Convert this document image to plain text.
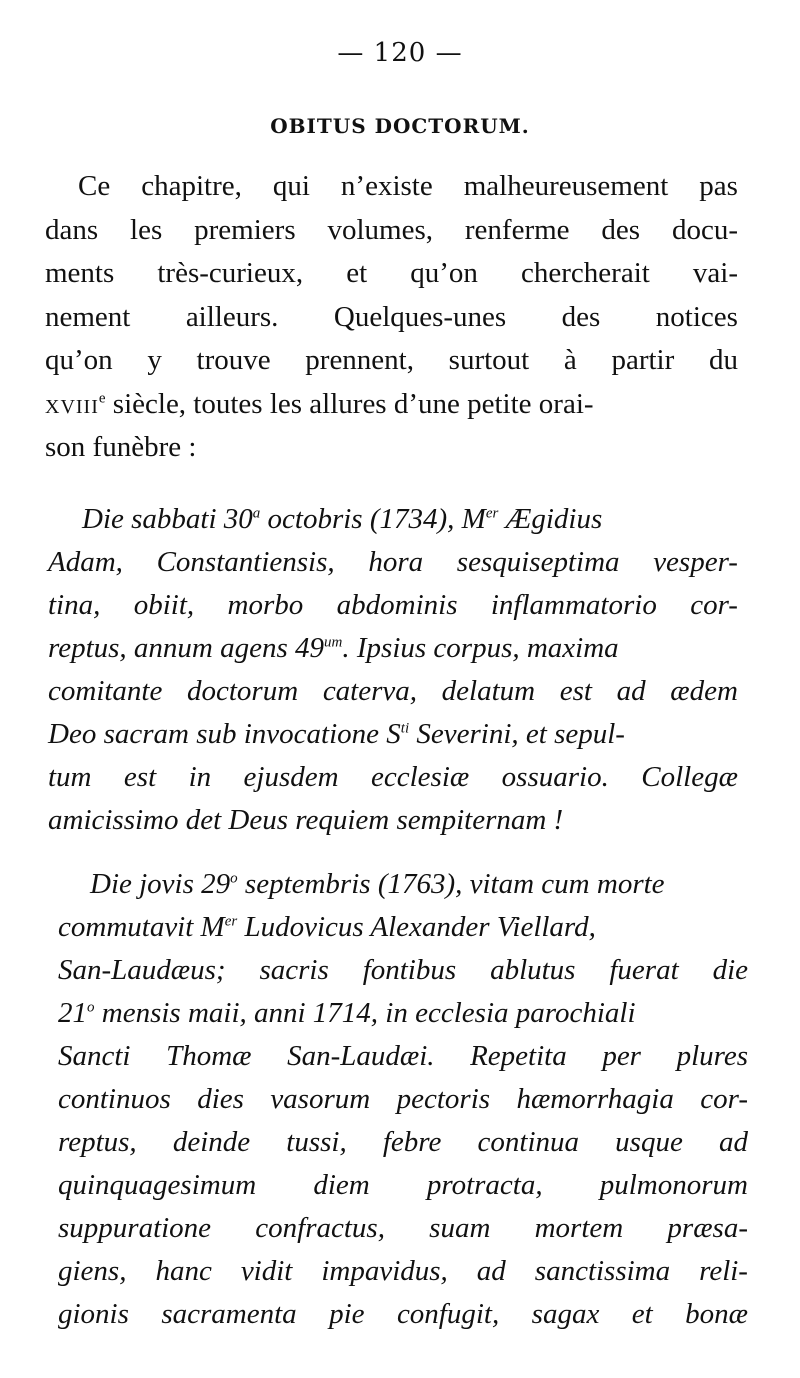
— 120 —
OBITUS DOCTORUM.
Ce chapitre, qui n’existe malheureusement pas
dans les premiers volumes, renferme des docu-
ments très-curieux, et qu’on chercherait vai-
nement ailleurs. Quelques-unes des notices
qu’on y trouve prennent, surtout à partir du
XVIIIe siècle, toutes les allures d’une petite orai-
son funèbre :
Die sabbati 30$^a$ octobris (1734), Mer Ægidius
Adam, Constantiensis, hora sesquiseptima vesper-
tina, obiit, morbo abdominis inflammatorio cor-
reptus, annum agens $49^{um}$. Ipsius corpus, maxima
comitante doctorum caterva, delatum est ad ædem
Deo sacram sub invocatione $S^{ti}$ Severini, et sepul-
tum est in ejusdem ecclesiæ ossuario. Collegæ
amicissimo det Deus requiem sempiternam !
Die jovis 29$^o$ septembris (1763), vitam cum morte
commutavit Mer Ludovicus Alexander Viellard,
San-Laudæus; sacris fontibus ablutus fuerat die
21$^o$ mensis maii, anni 1714, in ecclesia parochiali
Sancti Thomæ San-Laudæi. Repetita per plures
continuos dies vasorum pectoris hæmorrhagia cor-
reptus, deinde tussi, febre continua usque ad
quinquagesimum diem protracta, pulmonorum
suppuratione confractus, suam mortem præsa-
giens, hanc vidit impavidus, ad sanctissima reli-
gionis sacramenta pie confugit, sagax et bonæ
